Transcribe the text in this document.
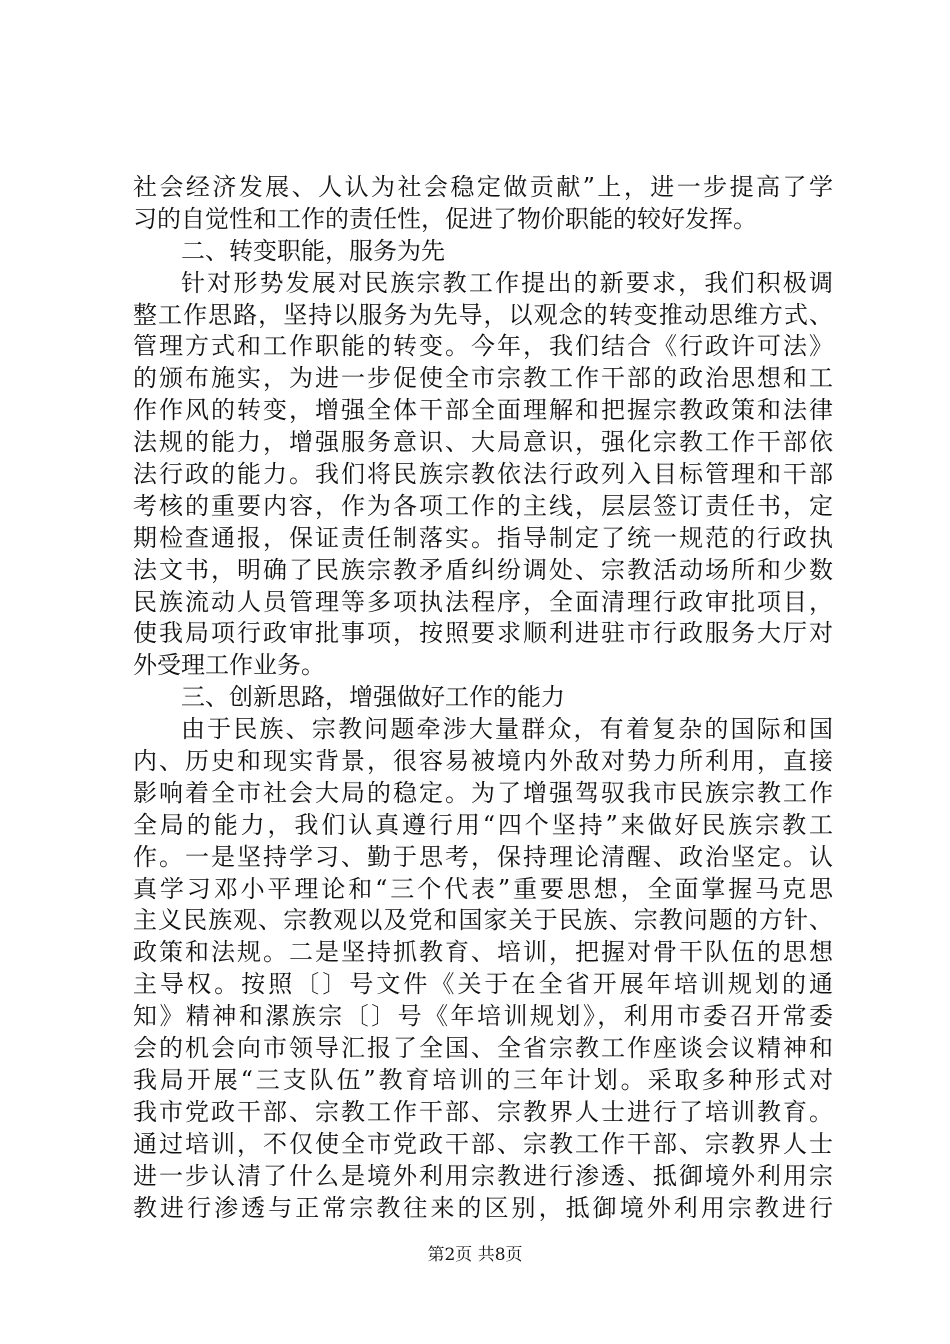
社会经济发展、人认为社会稳定做贡献”上，进一步提高了学
习的自觉性和工作的责任性，促进了物价职能的较好发挥。
二、转变职能，服务为先
针对形势发展对民族宗教工作提出的新要求，我们积极调
整工作思路，坚持以服务为先导，以观念的转变推动思维方式、
管理方式和工作职能的转变。今年，我们结合《行政许可法》
的颁布施实，为进一步促使全市宗教工作干部的政治思想和工
作作风的转变，增强全体干部全面理解和把握宗教政策和法律
法规的能力，增强服务意识、大局意识，强化宗教工作干部依
法行政的能力。我们将民族宗教依法行政列入目标管理和干部
考核的重要内容，作为各项工作的主线，层层签订责任书，定
期检查通报，保证责任制落实。指导制定了统一规范的行政执
法文书，明确了民族宗教矛盾纠纷调处、宗教活动场所和少数
民族流动人员管理等多项执法程序，全面清理行政审批项目，
使我局项行政审批事项，按照要求顺利进驻市行政服务大厅对
外受理工作业务。
三、创新思路，增强做好工作的能力
由于民族、宗教问题牵涉大量群众，有着复杂的国际和国
内、历史和现实背景，很容易被境内外敌对势力所利用，直接
影响着全市社会大局的稳定。为了增强驾驭我市民族宗教工作
全局的能力，我们认真遵行用“四个坚持”来做好民族宗教工
作。一是坚持学习、勤于思考，保持理论清醒、政治坚定。认
真学习邓小平理论和“三个代表”重要思想，全面掌握马克思
主义民族观、宗教观以及党和国家关于民族、宗教问题的方针、
政策和法规。二是坚持抓教育、培训，把握对骨干队伍的思想
主导权。按照〔〕号文件《关于在全省开展年培训规划的通
知》精神和漯族宗〔〕号《年培训规划》，利用市委召开常委
会的机会向市领导汇报了全国、全省宗教工作座谈会议精神和
我局开展“三支队伍”教育培训的三年计划。采取多种形式对
我市党政干部、宗教工作干部、宗教界人士进行了培训教育。
通过培训，不仅使全市党政干部、宗教工作干部、宗教界人士
进一步认清了什么是境外利用宗教进行渗透、抵御境外利用宗
教进行渗透与正常宗教往来的区别，抵御境外利用宗教进行
第2页 共8页
